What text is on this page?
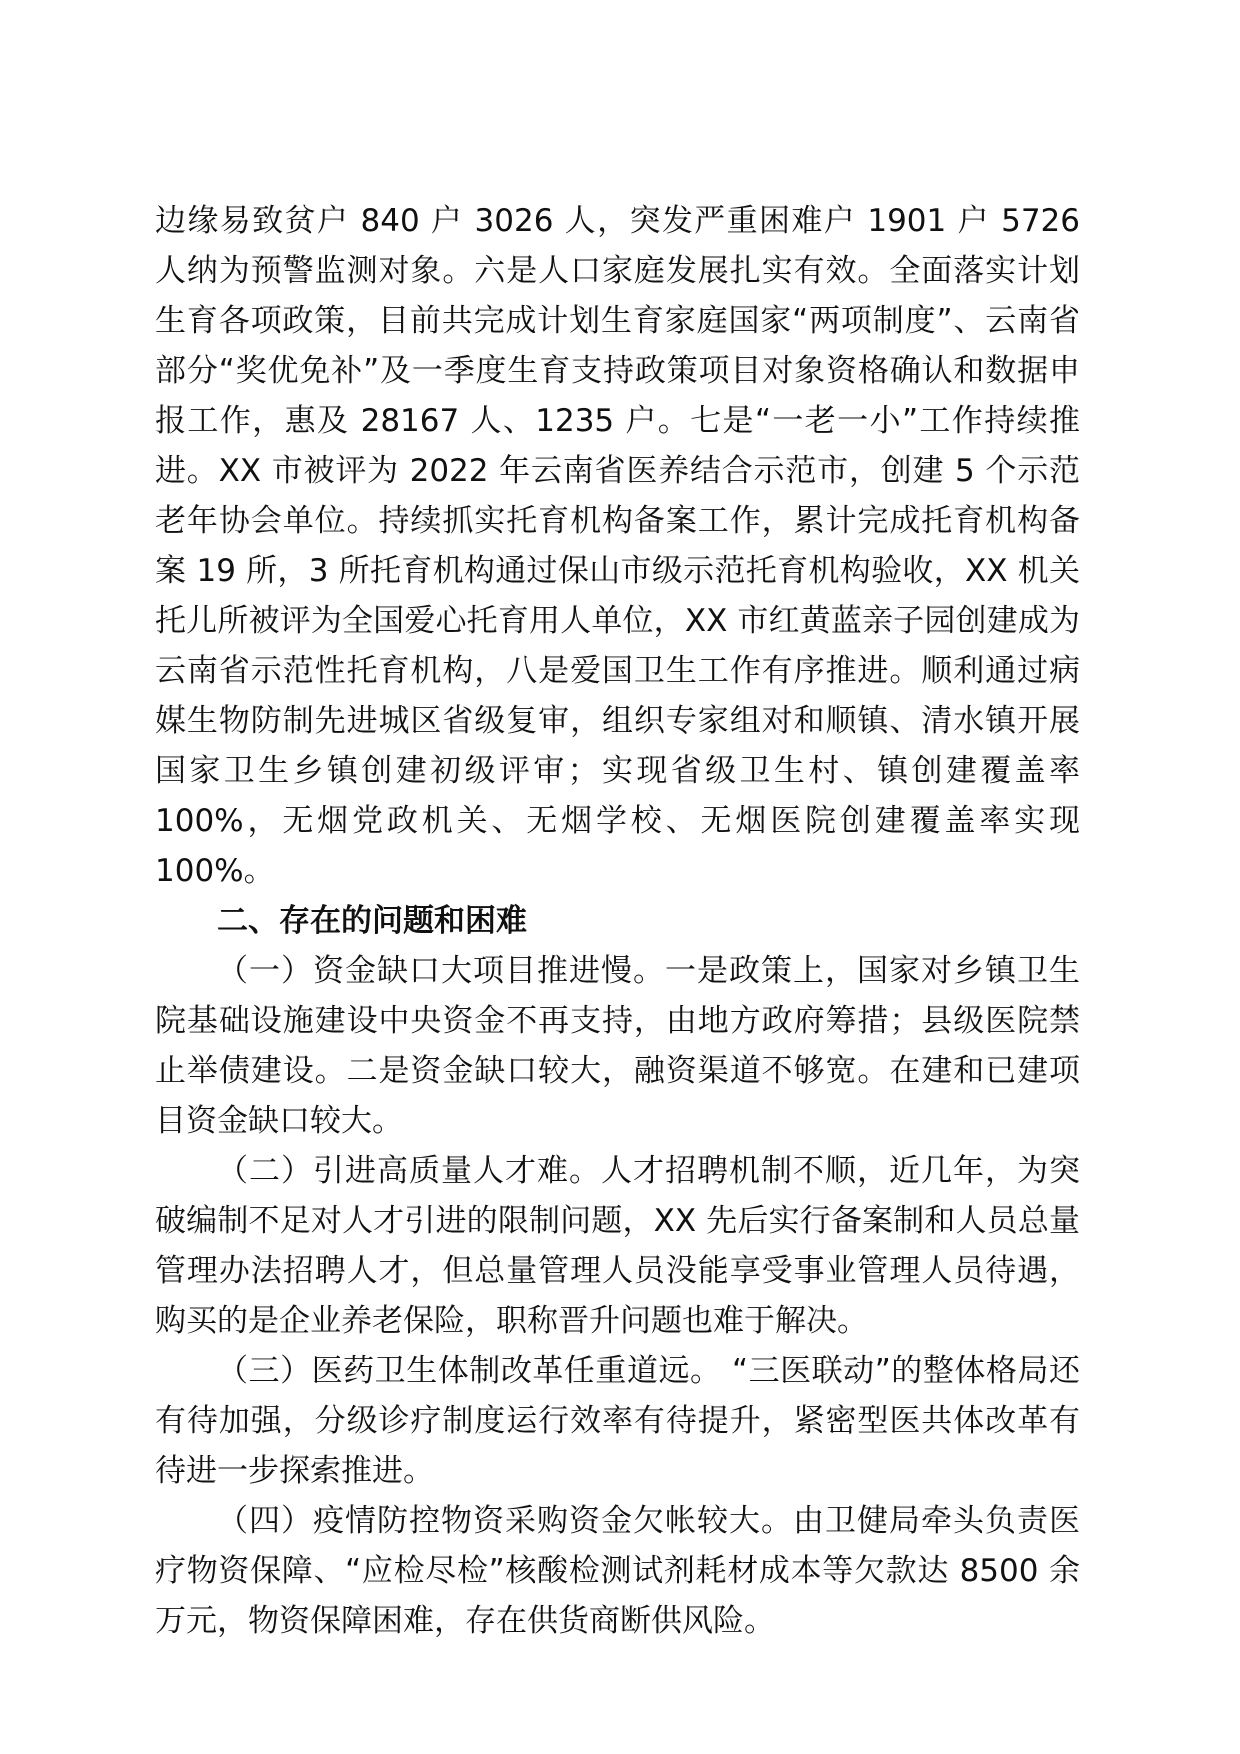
边缘易致贫户 840 户 3026 人，突发严重困难户 1901 户 5726 人纳为预警监测对象。六是人口家庭发展扎实有效。全面落实计划生育各项政策，目前共完成计划生育家庭国家“两项制度”、云南省部分“奖优免补”及一季度生育支持政策项目对象资格确认和数据申报工作，惠及 28167 人、1235 户。七是“一老一小”工作持续推进。XX 市被评为 2022 年云南省医养结合示范市，创建 5 个示范老年协会单位。持续抓实托育机构备案工作，累计完成托育机构备案 19 所，3 所托育机构通过保山市级示范托育机构验收，XX 机关托儿所被评为全国爱心托育用人单位，XX 市红黄蓝亲子园创建成为云南省示范性托育机构，八是爱国卫生工作有序推进。顺利通过病媒生物防制先进城区省级复审，组织专家组对和顺镇、清水镇开展国家卫生乡镇创建初级评审；实现省级卫生村、镇创建覆盖率 100%，无烟党政机关、无烟学校、无烟医院创建覆盖率实现 100%。

二、存在的问题和困难

（一）资金缺口大项目推进慢。一是政策上，国家对乡镇卫生院基础设施建设中央资金不再支持，由地方政府筹措；县级医院禁止举债建设。二是资金缺口较大，融资渠道不够宽。在建和已建项目资金缺口较大。

（二）引进高质量人才难。人才招聘机制不顺，近几年，为突破编制不足对人才引进的限制问题，XX 先后实行备案制和人员总量管理办法招聘人才，但总量管理人员没能享受事业管理人员待遇，购买的是企业养老保险，职称晋升问题也难于解决。

（三）医药卫生体制改革任重道远。 “三医联动”的整体格局还有待加强，分级诊疗制度运行效率有待提升，紧密型医共体改革有待进一步探索推进。

（四）疫情防控物资采购资金欠帐较大。由卫健局牵头负责医疗物资保障、“应检尽检”核酸检测试剂耗材成本等欠款达 8500 余万元，物资保障困难，存在供货商断供风险。
